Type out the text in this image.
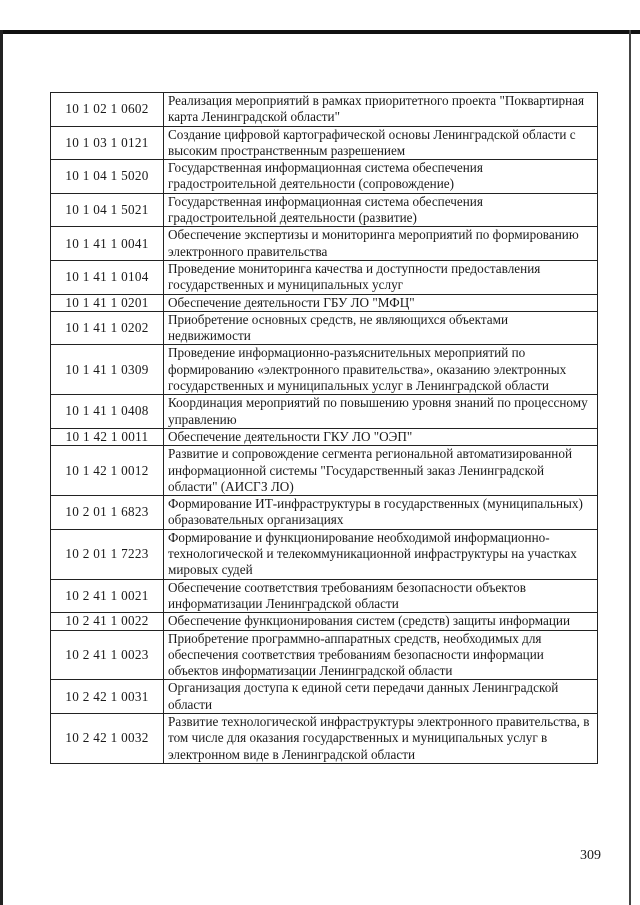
10 1 02 1 0602	Реализация мероприятий в рамках приоритетного проекта "Поквартирная карта Ленинградской области"
10 1 03 1 0121	Создание цифровой картографической основы Ленинградской области с высоким пространственным разрешением
10 1 04 1 5020	Государственная информационная система обеспечения градостроительной деятельности (сопровождение)
10 1 04 1 5021	Государственная информационная система обеспечения градостроительной деятельности (развитие)
10 1 41 1 0041	Обеспечение экспертизы и мониторинга мероприятий по формированию электронного правительства
10 1 41 1 0104	Проведение мониторинга качества и доступности предоставления государственных и муниципальных услуг
10 1 41 1 0201	Обеспечение деятельности ГБУ ЛО "МФЦ"
10 1 41 1 0202	Приобретение основных средств, не являющихся объектами недвижимости
10 1 41 1 0309	Проведение информационно-разъяснительных мероприятий по формированию «электронного правительства», оказанию электронных государственных и муниципальных услуг в Ленинградской области
10 1 41 1 0408	Координация мероприятий по повышению уровня знаний по процессному управлению
10 1 42 1 0011	Обеспечение деятельности ГКУ ЛО "ОЭП"
10 1 42 1 0012	Развитие и сопровождение сегмента региональной автоматизированной информационной системы "Государственный заказ Ленинградской области" (АИСГЗ ЛО)
10 2 01 1 6823	Формирование ИТ-инфраструктуры в государственных (муниципальных) образовательных организациях
10 2 01 1 7223	Формирование и функционирование необходимой информационно-технологической и телекоммуникационной инфраструктуры на участках мировых судей
10 2 41 1 0021	Обеспечение соответствия требованиям безопасности объектов информатизации Ленинградской области
10 2 41 1 0022	Обеспечение функционирования систем (средств) защиты информации
10 2 41 1 0023	Приобретение программно-аппаратных средств, необходимых для обеспечения соответствия требованиям безопасности информации объектов информатизации Ленинградской области
10 2 42 1 0031	Организация доступа к единой сети передачи данных Ленинградской области
10 2 42 1 0032	Развитие технологической инфраструктуры электронного правительства, в том числе для оказания государственных и муниципальных услуг в электронном виде в Ленинградской области
309
